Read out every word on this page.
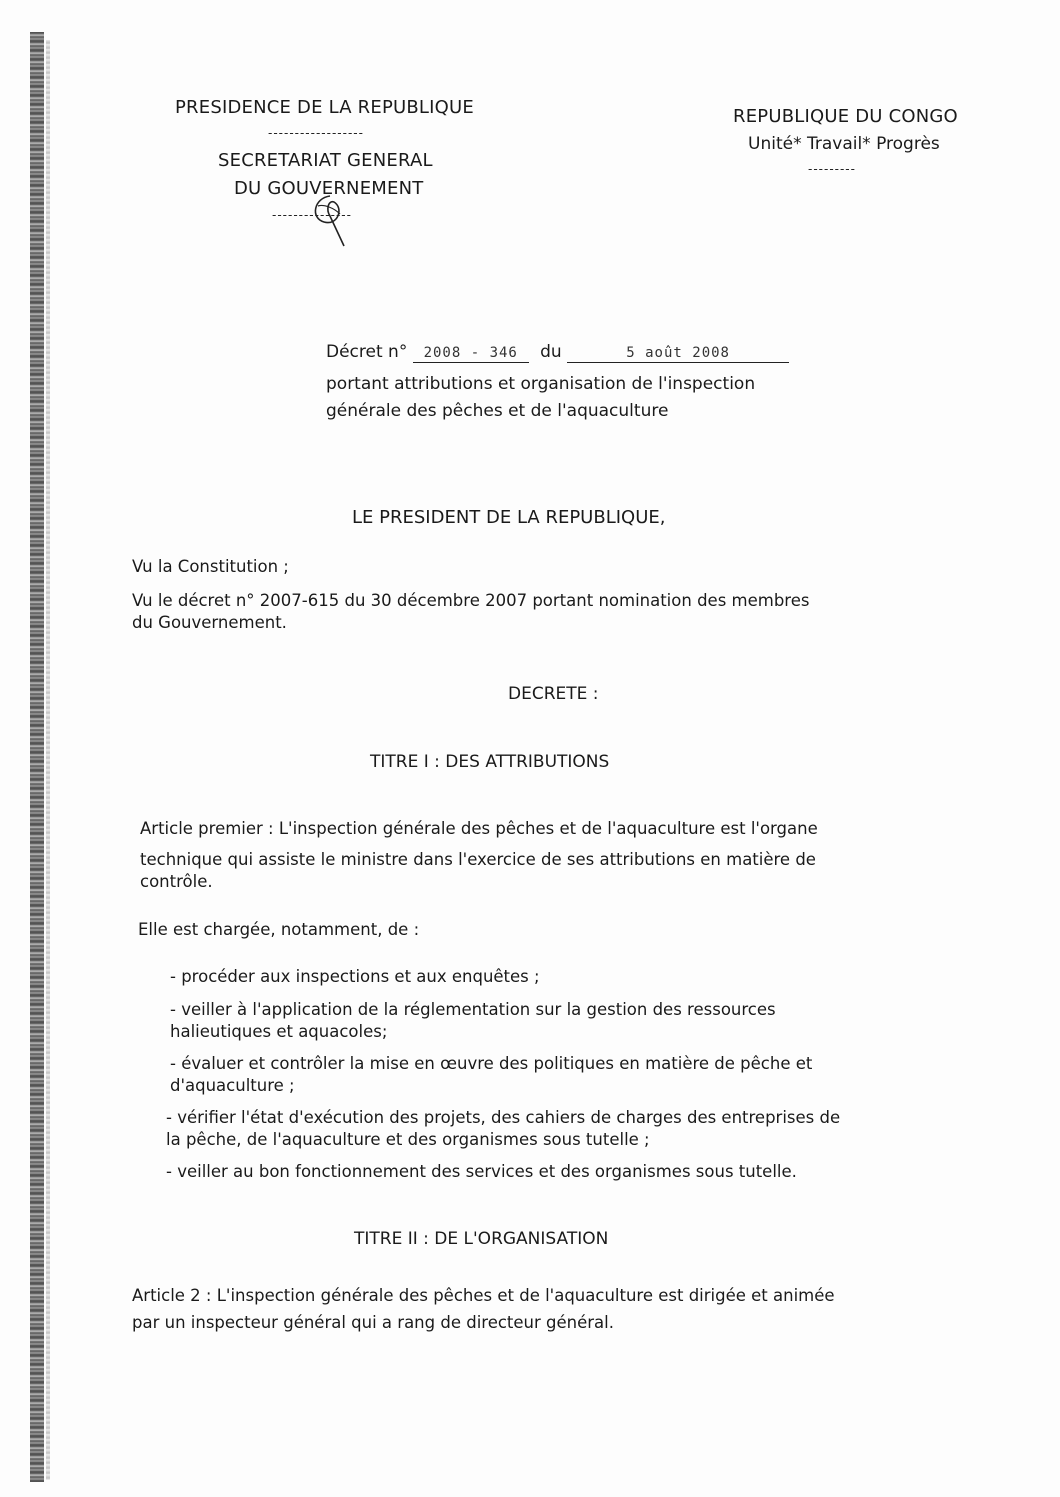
PRESIDENCE DE LA REPUBLIQUE
------------------
SECRETARIAT GENERAL
DU GOUVERNEMENT
---------------
REPUBLIQUE DU CONGO
Unité* Travail* Progrès
---------
Décret n° 2008 - 346 du	5 août 2008
portant attributions et organisation de l'inspection
générale des pêches et de l'aquaculture
LE PRESIDENT DE LA REPUBLIQUE,
Vu la Constitution ;
Vu le décret n° 2007-615 du 30 décembre 2007 portant nomination des membres
du Gouvernement.
DECRETE :
TITRE I : DES ATTRIBUTIONS
Article premier : L'inspection générale des pêches et de l'aquaculture est l'organe
technique qui assiste le ministre dans l'exercice de ses attributions en matière de
contrôle.
Elle est chargée, notamment, de :
- procéder aux inspections et aux enquêtes ;
- veiller à l'application de la réglementation sur la gestion des ressources
halieutiques et aquacoles;
- évaluer et contrôler la mise en œuvre des politiques en matière de pêche et
d'aquaculture ;
- vérifier l'état d'exécution des projets, des cahiers de charges des entreprises de
la pêche, de l'aquaculture et des organismes sous tutelle ;
- veiller au bon fonctionnement des services et des organismes sous tutelle.
TITRE II : DE L'ORGANISATION
Article 2 : L'inspection générale des pêches et de l'aquaculture est dirigée et animée
par un inspecteur général qui a rang de directeur général.
